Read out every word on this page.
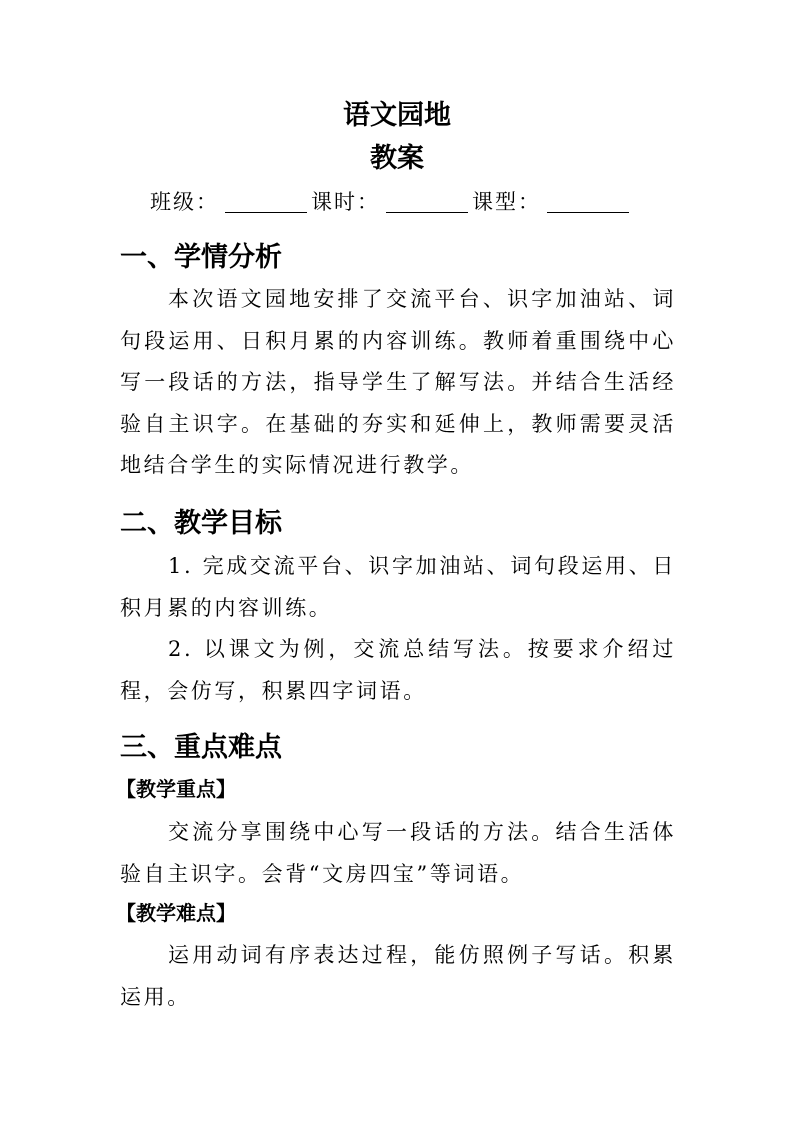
语文园地
教案
班级：	课时：	课型：
一、学情分析
本次语文园地安排了交流平台、识字加油站、词句段运用、日积月累的内容训练。教师着重围绕中心写一段话的方法，指导学生了解写法。并结合生活经验自主识字。在基础的夯实和延伸上，教师需要灵活地结合学生的实际情况进行教学。
二、教学目标
1. 完成交流平台、识字加油站、词句段运用、日积月累的内容训练。
2. 以课文为例，交流总结写法。按要求介绍过程，会仿写，积累四字词语。
三、重点难点
【教学重点】
交流分享围绕中心写一段话的方法。结合生活体验自主识字。会背“文房四宝”等词语。
【教学难点】
运用动词有序表达过程，能仿照例子写话。积累运用。
